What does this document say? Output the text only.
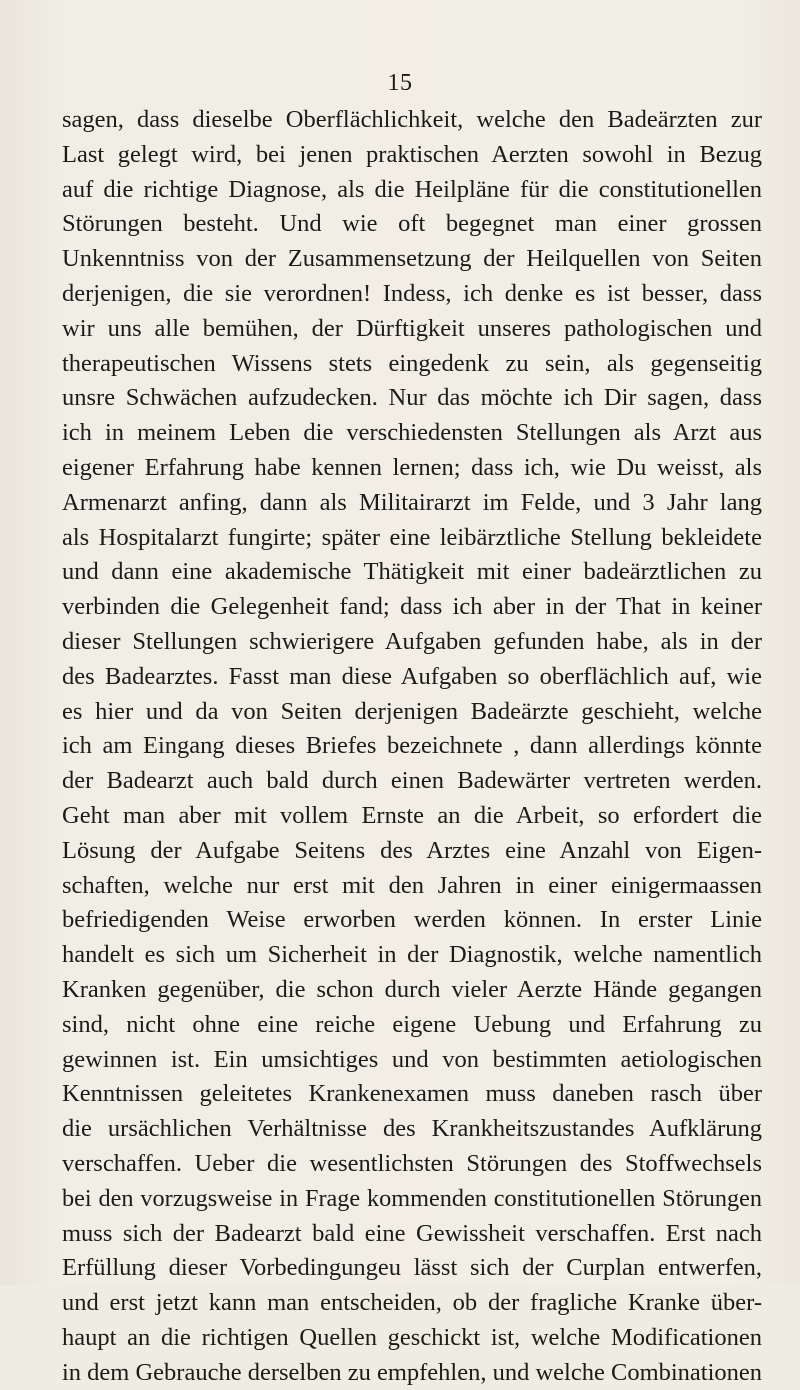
15
sagen, dass dieselbe Oberflächlichkeit, welche den Badeärzten zur
Last gelegt wird, bei jenen praktischen Aerzten sowohl in Bezug
auf die richtige Diagnose, als die Heilpläne für die constitutionellen
Störungen besteht. Und wie oft begegnet man einer grossen
Unkenntniss von der Zusammensetzung der Heilquellen von Seiten
derjenigen, die sie verordnen! Indess, ich denke es ist besser, dass
wir uns alle bemühen, der Dürftigkeit unseres pathologischen und
therapeutischen Wissens stets eingedenk zu sein, als gegenseitig
unsre Schwächen aufzudecken. Nur das möchte ich Dir sagen, dass
ich in meinem Leben die verschiedensten Stellungen als Arzt aus
eigener Erfahrung habe kennen lernen; dass ich, wie Du weisst, als
Armenarzt anfing, dann als Militairarzt im Felde, und 3 Jahr lang
als Hospitalarzt fungirte; später eine leibärztliche Stellung bekleidete
und dann eine akademische Thätigkeit mit einer badeärztlichen zu
verbinden die Gelegenheit fand; dass ich aber in der That in keiner
dieser Stellungen schwierigere Aufgaben gefunden habe, als in der
des Badearztes. Fasst man diese Aufgaben so oberflächlich auf, wie
es hier und da von Seiten derjenigen Badeärzte geschieht, welche
ich am Eingang dieses Briefes bezeichnete , dann allerdings könnte
der Badearzt auch bald durch einen Badewärter vertreten werden.
Geht man aber mit vollem Ernste an die Arbeit, so erfordert die
Lösung der Aufgabe Seitens des Arztes eine Anzahl von Eigen-
schaften, welche nur erst mit den Jahren in einer einigermaassen
befriedigenden Weise erworben werden können. In erster Linie
handelt es sich um Sicherheit in der Diagnostik, welche namentlich
Kranken gegenüber, die schon durch vieler Aerzte Hände gegangen
sind, nicht ohne eine reiche eigene Uebung und Erfahrung zu
gewinnen ist. Ein umsichtiges und von bestimmten aetiologischen
Kenntnissen geleitetes Krankenexamen muss daneben rasch über
die ursächlichen Verhältnisse des Krankheitszustandes Aufklärung
verschaffen. Ueber die wesentlichsten Störungen des Stoffwechsels
bei den vorzugsweise in Frage kommenden constitutionellen Störungen
muss sich der Badearzt bald eine Gewissheit verschaffen. Erst nach
Erfüllung dieser Vorbedingungeu lässt sich der Curplan entwerfen,
und erst jetzt kann man entscheiden, ob der fragliche Kranke über-
haupt an die richtigen Quellen geschickt ist, welche Modificationen
in dem Gebrauche derselben zu empfehlen, und welche Combinationen
